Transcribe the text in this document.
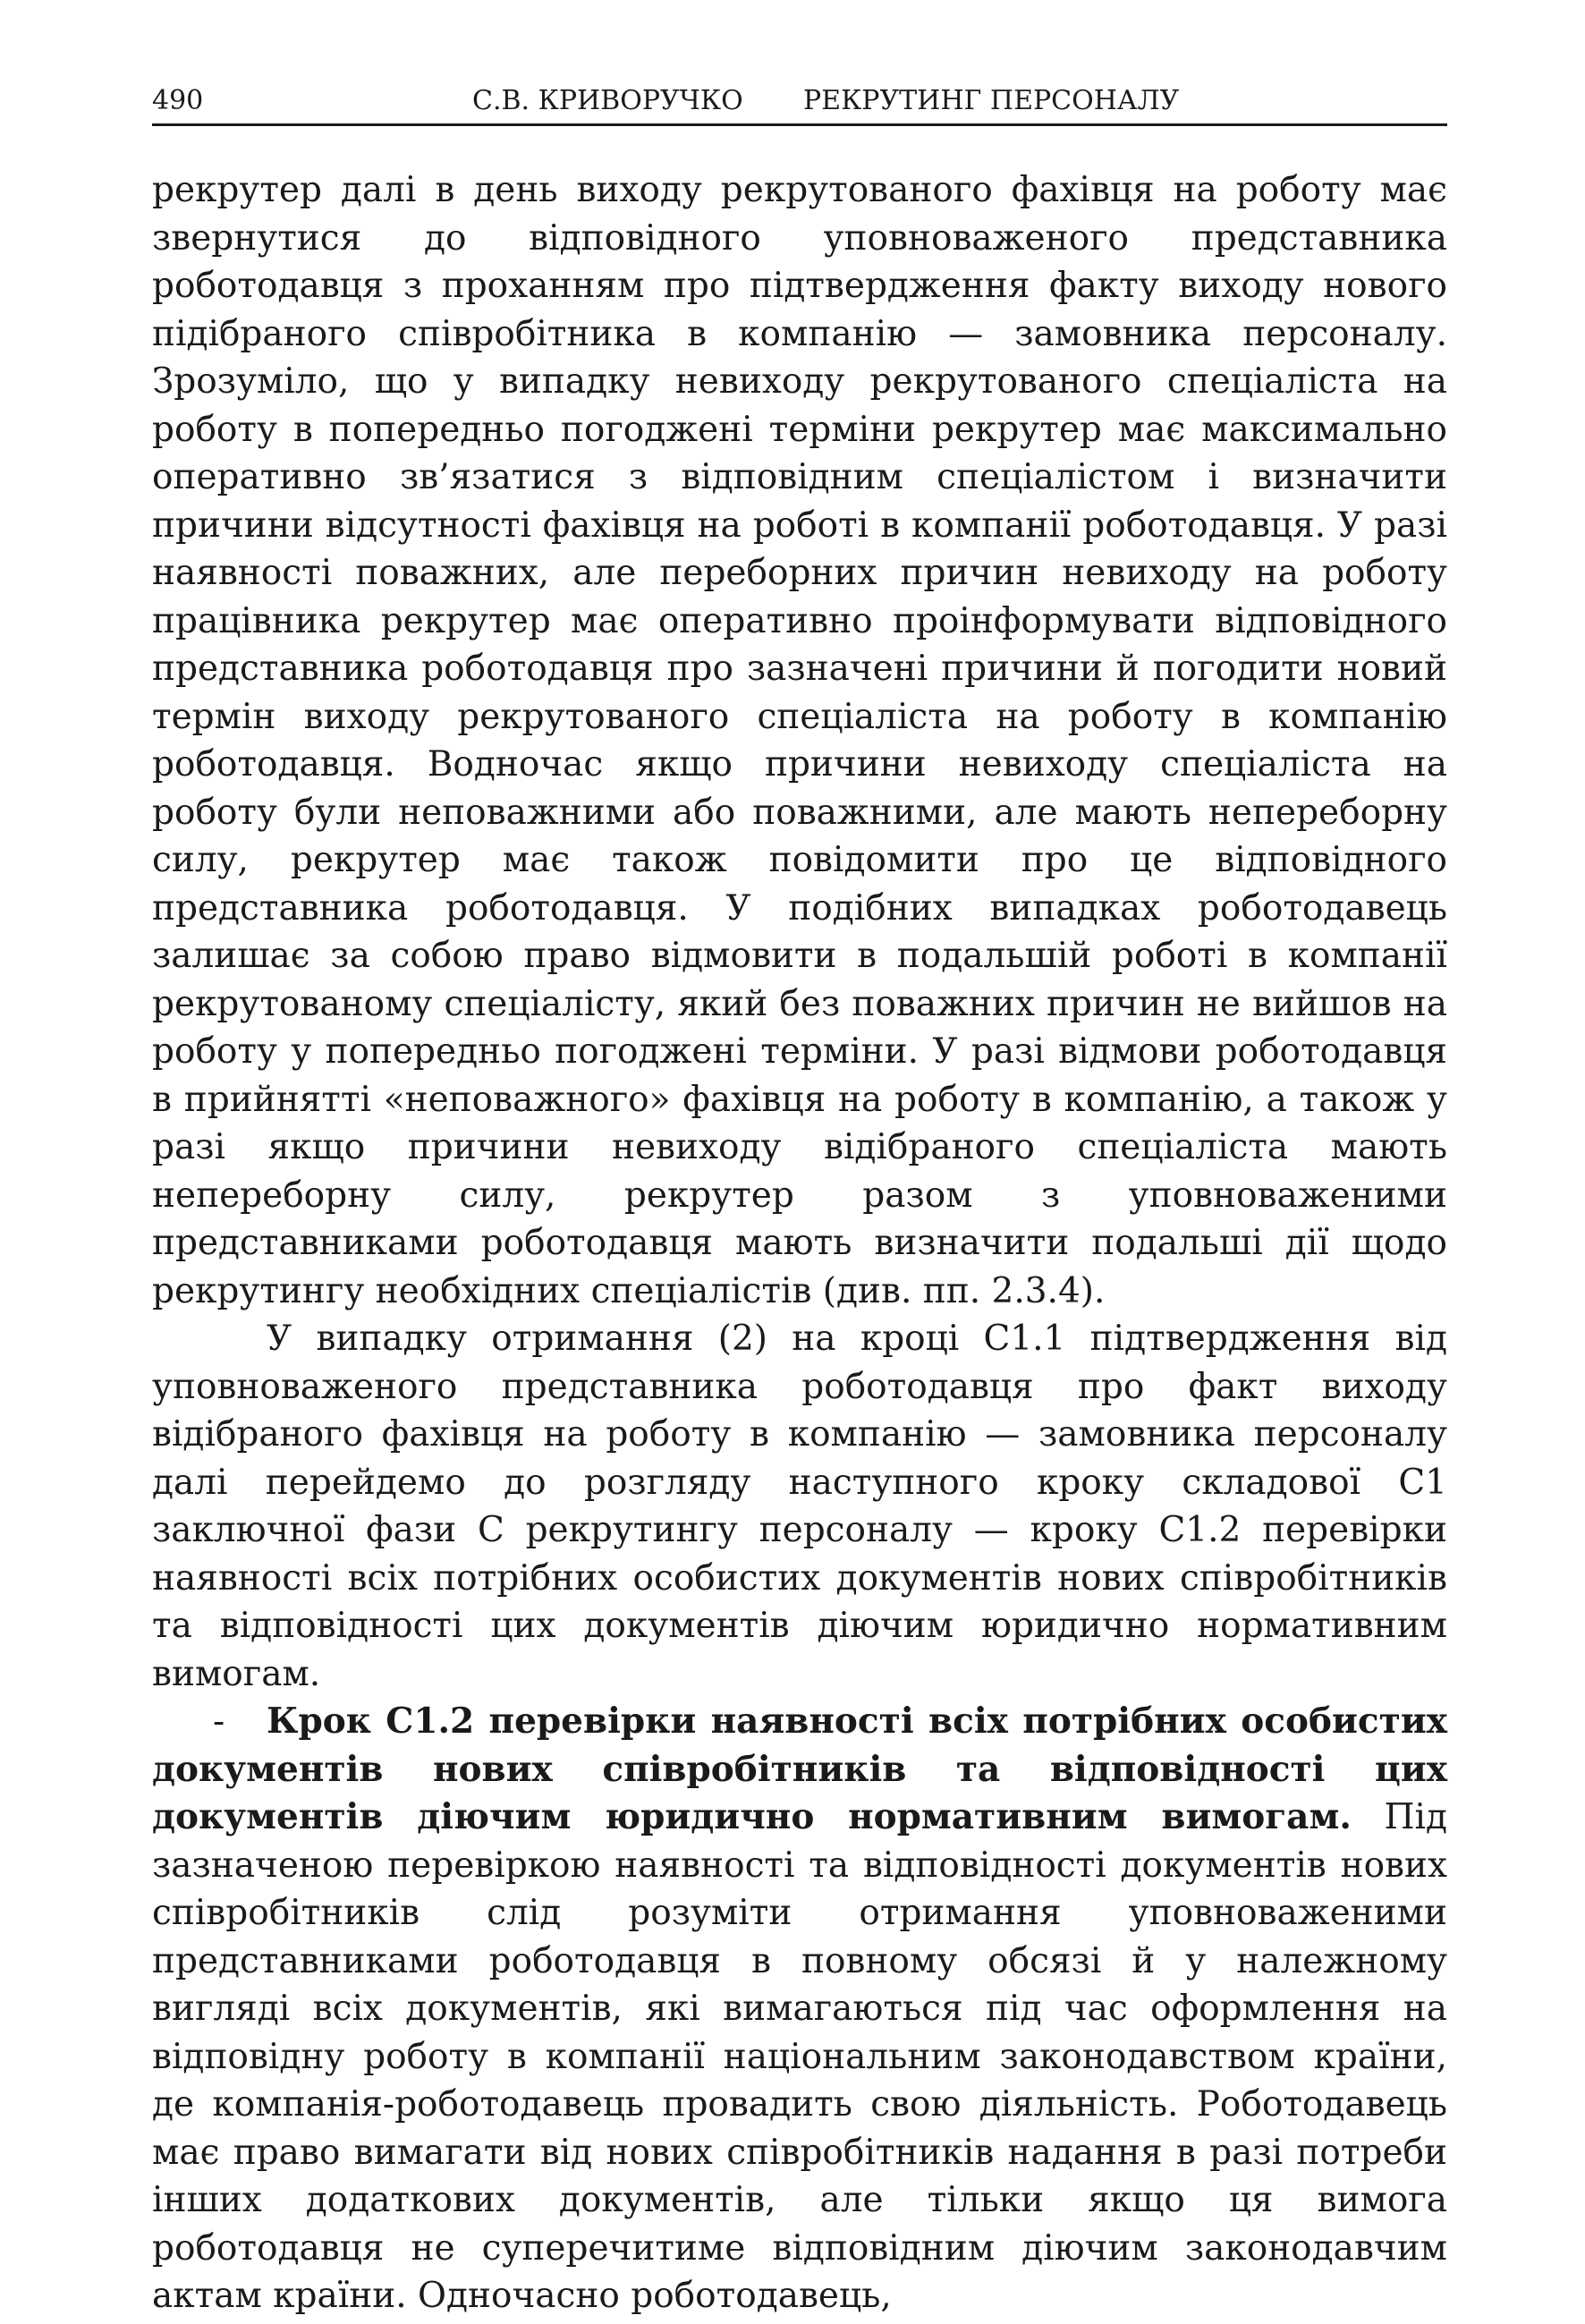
490	С.В. КРИВОРУЧКО РЕКРУТИНГ ПЕРСОНАЛУ

рекрутер далі в день виходу рекрутованого фахівця на роботу має звернутися до відповідного уповноваженого представника роботодавця з проханням про підтвердження факту виходу нового підібраного співробітника в компанію — замовника персоналу. Зрозуміло, що у випадку невиходу рекрутованого спеціаліста на роботу в попередньо погоджені терміни рекрутер має максимально оперативно зв’язатися з відповідним спеціалістом і визначити причини відсутності фахівця на роботі в компанії роботодавця. У разі наявності поважних, але переборних причин невиходу на роботу працівника рекрутер має оперативно проінформувати відповідного представника роботодавця про зазначені причини й погодити новий термін виходу рекрутованого спеціаліста на роботу в компанію роботодавця. Водночас якщо причини невиходу спеціаліста на роботу були неповажними або поважними, але мають непереборну силу, рекрутер має також повідомити про це відповідного представника роботодавця. У подібних випадках роботодавець залишає за собою право відмовити в подальшій роботі в компанії рекрутованому спеціалісту, який без поважних причин не вийшов на роботу у попередньо погоджені терміни. У разі відмови роботодавця в прийнятті «неповажного» фахівця на роботу в компанію, а також у разі якщо причини невиходу відібраного спеціаліста мають непереборну силу, рекрутер разом з уповноваженими представниками роботодавця мають визначити подальші дії щодо рекрутингу необхідних спеціалістів (див. пп. 2.3.4).

У випадку отримання (2) на кроці С1.1 підтвердження від уповноваженого представника роботодавця про факт виходу відібраного фахівця на роботу в компанію — замовника персоналу далі перейдемо до розгляду наступного кроку складової С1 заключної фази С рекрутингу персоналу — кроку С1.2 перевірки наявності всіх потрібних особистих документів нових співробітників та відповідності цих документів діючим юридично нормативним вимогам.

- Крок С1.2 перевірки наявності всіх потрібних особистих документів нових співробітників та відповідності цих документів діючим юридично нормативним вимогам. Під зазначеною перевіркою наявності та відповідності документів нових співробітників слід розуміти отримання уповноваженими представниками роботодавця в повному обсязі й у належному вигляді всіх документів, які вимагаються під час оформлення на відповідну роботу в компанії національним законодавством країни, де компанія-роботодавець провадить свою діяльність. Роботодавець має право вимагати від нових співробітників надання в разі потреби інших додаткових документів, але тільки якщо ця вимога роботодавця не суперечитиме відповідним діючим законодавчим актам країни. Одночасно роботодавець,
